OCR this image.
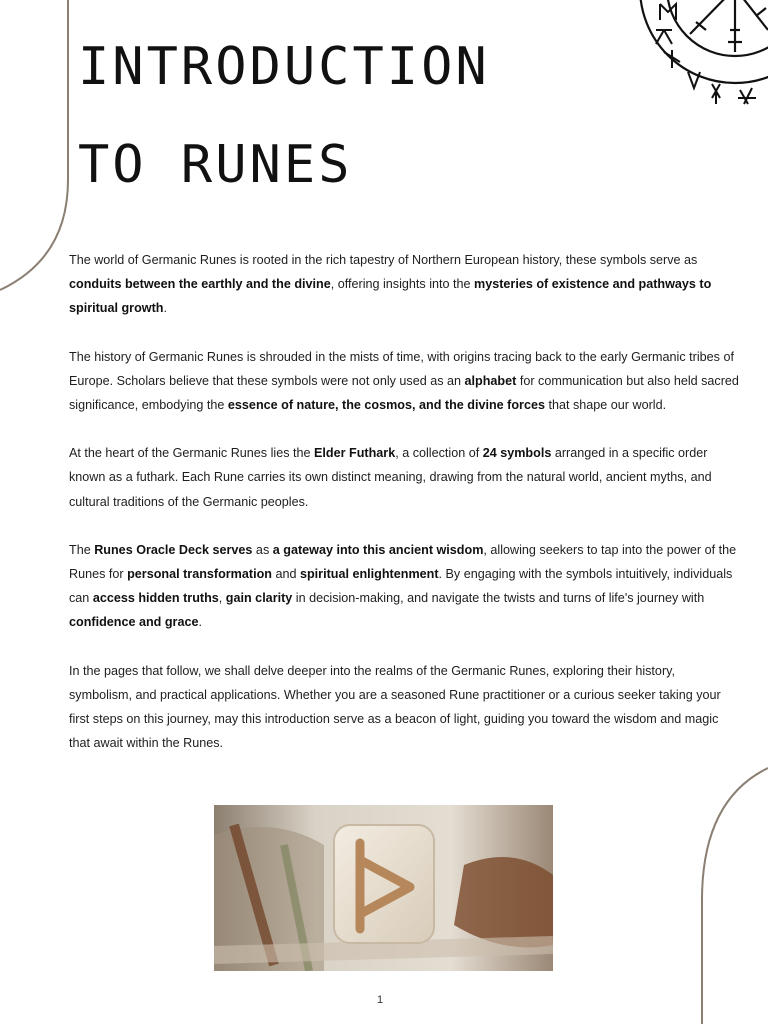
INTRODUCTION
TO RUNES

The world of Germanic Runes is rooted in the rich tapestry of Northern European history, these symbols serve as conduits between the earthly and the divine, offering insights into the mysteries of existence and pathways to spiritual growth.

The history of Germanic Runes is shrouded in the mists of time, with origins tracing back to the early Germanic tribes of Europe. Scholars believe that these symbols were not only used as an alphabet for communication but also held sacred significance, embodying the essence of nature, the cosmos, and the divine forces that shape our world.

At the heart of the Germanic Runes lies the Elder Futhark, a collection of 24 symbols arranged in a specific order known as a futhark. Each Rune carries its own distinct meaning, drawing from the natural world, ancient myths, and cultural traditions of the Germanic peoples.

The Runes Oracle Deck serves as a gateway into this ancient wisdom, allowing seekers to tap into the power of the Runes for personal transformation and spiritual enlightenment. By engaging with the symbols intuitively, individuals can access hidden truths, gain clarity in decision-making, and navigate the twists and turns of life's journey with confidence and grace.

In the pages that follow, we shall delve deeper into the realms of the Germanic Runes, exploring their history, symbolism, and practical applications. Whether you are a seasoned Rune practitioner or a curious seeker taking your first steps on this journey, may this introduction serve as a beacon of light, guiding you toward the wisdom and magic that await within the Runes.

1
